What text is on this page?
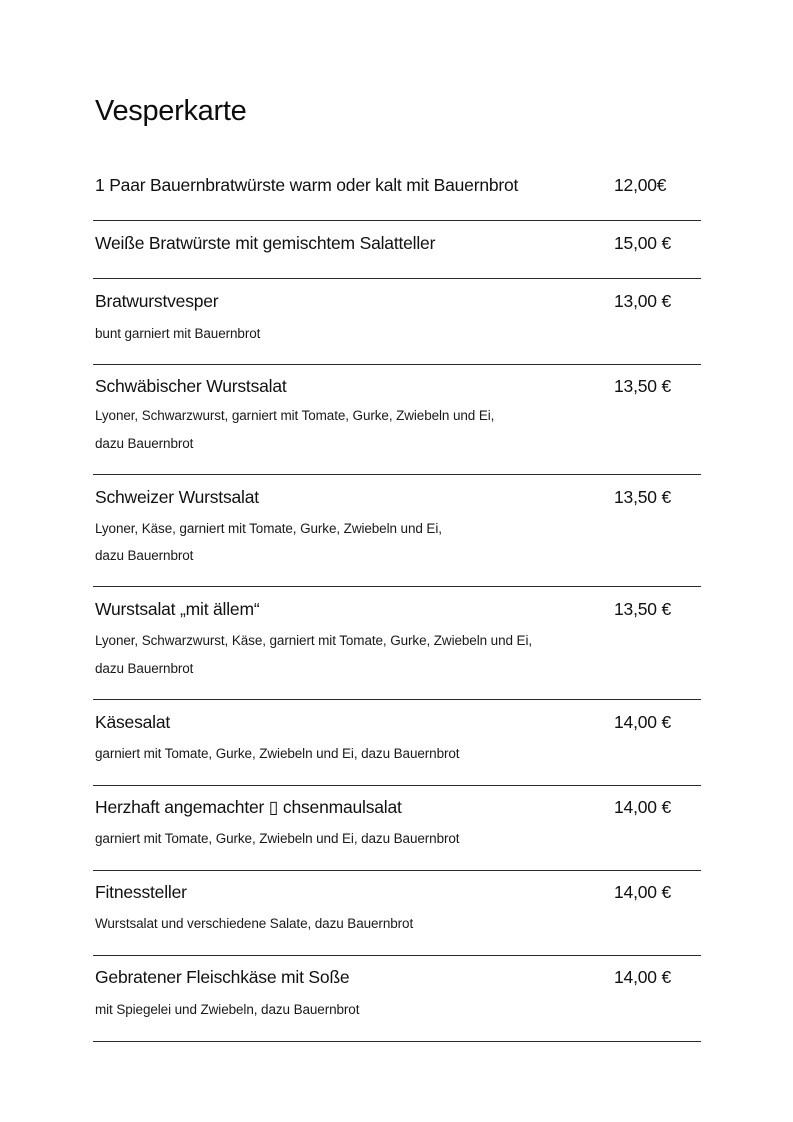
Vesperkarte
1 Paar Bauernbratwürste warm oder kalt mit Bauernbrot	12,00€
Weiße Bratwürste mit gemischtem Salatteller	15,00 €
Bratwurstvesper	13,00 €
bunt garniert mit Bauernbrot
Schwäbischer Wurstsalat	13,50 €
Lyoner, Schwarzwurst, garniert mit Tomate, Gurke, Zwiebeln und Ei,
dazu Bauernbrot
Schweizer Wurstsalat	13,50 €
Lyoner, Käse, garniert mit Tomate, Gurke, Zwiebeln und Ei,
dazu Bauernbrot
Wurstsalat „mit ällem“	13,50 €
Lyoner, Schwarzwurst, Käse, garniert mit Tomate, Gurke, Zwiebeln und Ei,
dazu Bauernbrot
Käsesalat	14,00 €
garniert mit Tomate, Gurke, Zwiebeln und Ei, dazu Bauernbrot
Herzhaft angemachter ▯ chsenmaulsalat	14,00 €
garniert mit Tomate, Gurke, Zwiebeln und Ei, dazu Bauernbrot
Fitnessteller	14,00 €
Wurstsalat und verschiedene Salate, dazu Bauernbrot
Gebratener Fleischkäse mit Soße	14,00 €
mit Spiegelei und Zwiebeln, dazu Bauernbrot
